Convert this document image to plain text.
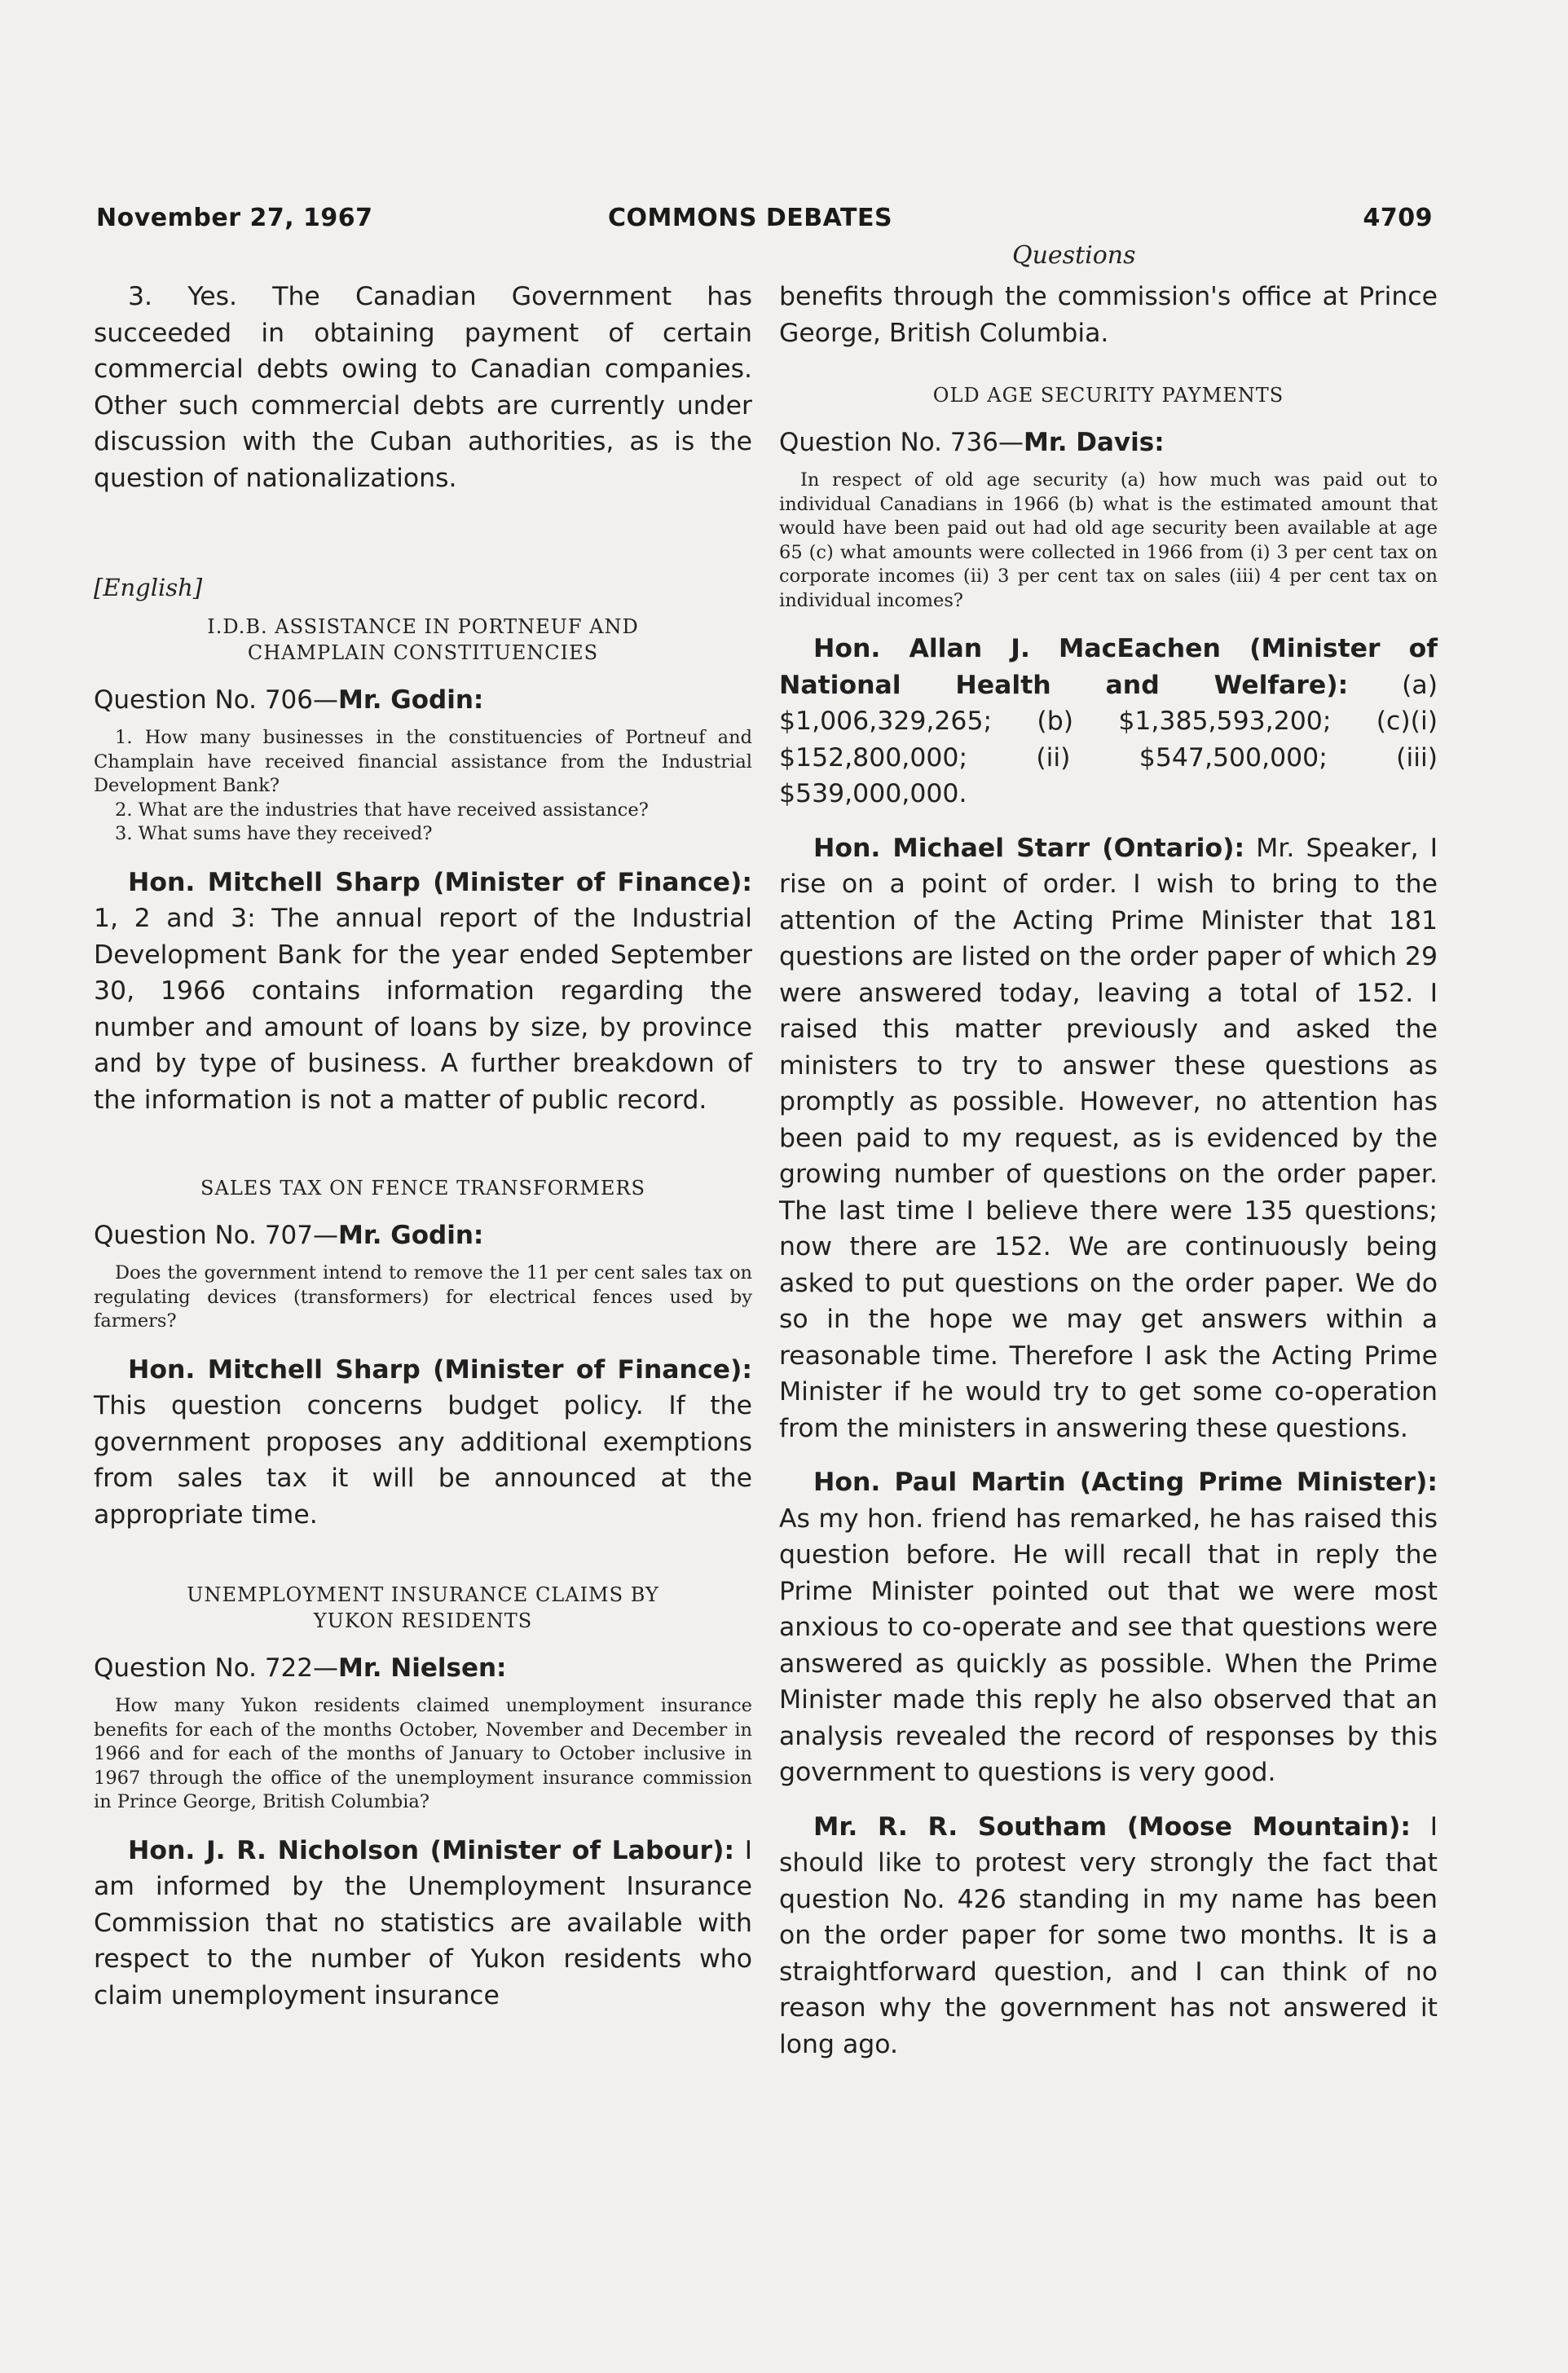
November 27, 1967	COMMONS DEBATES	4709
Questions

3. Yes. The Canadian Government has succeeded in obtaining payment of certain commercial debts owing to Canadian companies. Other such commercial debts are currently under discussion with the Cuban authorities, as is the question of nationalizations.

[English]

I.D.B. ASSISTANCE IN PORTNEUF AND

CHAMPLAIN CONSTITUENCIES

Question No. 706—Mr. Godin:

1. How many businesses in the constituencies of Portneuf and Champlain have received financial assistance from the Industrial Development Bank?

2. What are the industries that have received assistance?

3. What sums have they received?

Hon. Mitchell Sharp (Minister of Finance): 1, 2 and 3: The annual report of the Industrial Development Bank for the year ended September 30, 1966 contains information regarding the number and amount of loans by size, by province and by type of business. A further breakdown of the information is not a matter of public record.

SALES TAX ON FENCE TRANSFORMERS

Question No. 707—Mr. Godin:

Does the government intend to remove the 11 per cent sales tax on regulating devices (transformers) for electrical fences used by farmers?

Hon. Mitchell Sharp (Minister of Finance): This question concerns budget policy. If the government proposes any additional exemptions from sales tax it will be announced at the appropriate time.

UNEMPLOYMENT INSURANCE CLAIMS BY

YUKON RESIDENTS

Question No. 722—Mr. Nielsen:

How many Yukon residents claimed unemployment insurance benefits for each of the months October, November and December in 1966 and for each of the months of January to October inclusive in 1967 through the office of the unemployment insurance commission in Prince George, British Columbia?

Hon. J. R. Nicholson (Minister of Labour): I am informed by the Unemployment Insurance Commission that no statistics are available with respect to the number of Yukon residents who claim unemployment insurance

benefits through the commission's office at Prince George, British Columbia.

OLD AGE SECURITY PAYMENTS

Question No. 736—Mr. Davis:

In respect of old age security (a) how much was paid out to individual Canadians in 1966 (b) what is the estimated amount that would have been paid out had old age security been available at age 65 (c) what amounts were collected in 1966 from (i) 3 per cent tax on corporate incomes (ii) 3 per cent tax on sales (iii) 4 per cent tax on individual incomes?

Hon. Allan J. MacEachen (Minister of National Health and Welfare): (a) $1,006,329,265; (b) $1,385,593,200; (c)(i) $152,800,000; (ii) $547,500,000; (iii) $539,000,000.

Hon. Michael Starr (Ontario): Mr. Speaker, I rise on a point of order. I wish to bring to the attention of the Acting Prime Minister that 181 questions are listed on the order paper of which 29 were answered today, leaving a total of 152. I raised this matter previously and asked the ministers to try to answer these questions as promptly as possible. However, no attention has been paid to my request, as is evidenced by the growing number of questions on the order paper. The last time I believe there were 135 questions; now there are 152. We are continuously being asked to put questions on the order paper. We do so in the hope we may get answers within a reasonable time. Therefore I ask the Acting Prime Minister if he would try to get some co-operation from the ministers in answering these questions.

Hon. Paul Martin (Acting Prime Minister): As my hon. friend has remarked, he has raised this question before. He will recall that in reply the Prime Minister pointed out that we were most anxious to co-operate and see that questions were answered as quickly as possible. When the Prime Minister made this reply he also observed that an analysis revealed the record of responses by this government to questions is very good.

Mr. R. R. Southam (Moose Mountain): I should like to protest very strongly the fact that question No. 426 standing in my name has been on the order paper for some two months. It is a straightforward question, and I can think of no reason why the government has not answered it long ago.
